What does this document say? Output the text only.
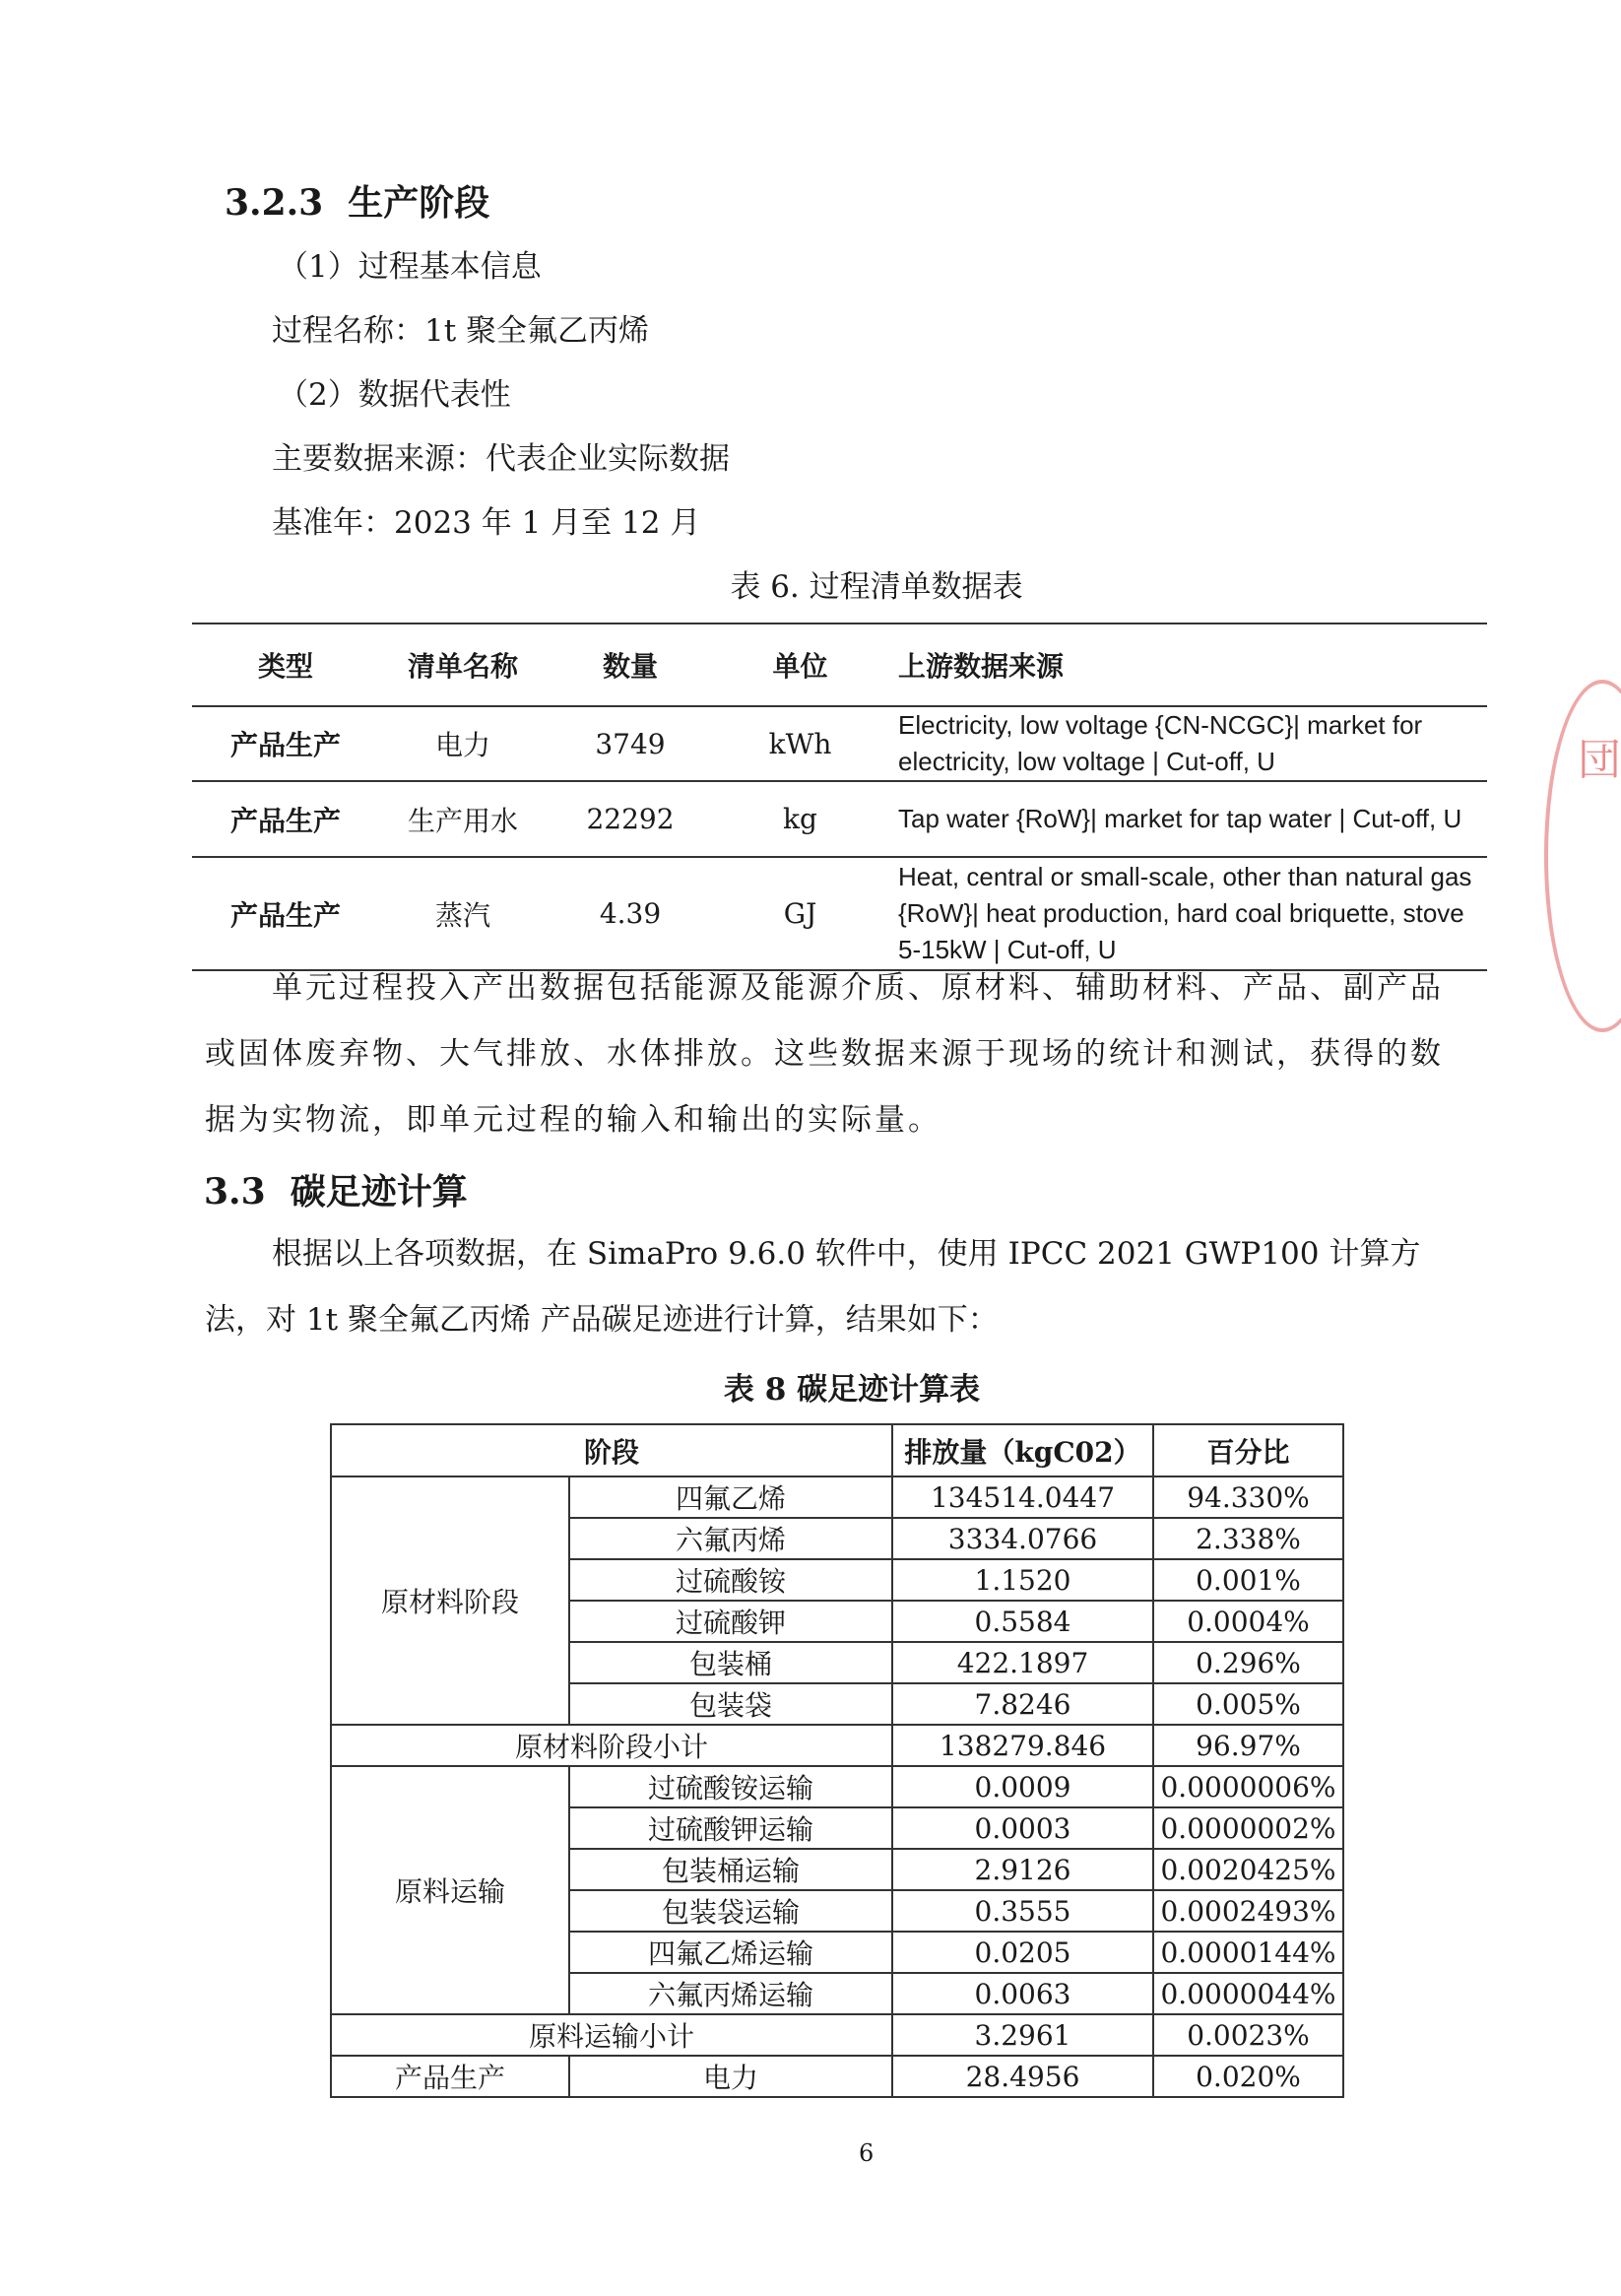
3.2.3 生产阶段
（1）过程基本信息
过程名称：1t 聚全氟乙丙烯
（2）数据代表性
主要数据来源：代表企业实际数据
基准年：2023 年 1 月至 12 月
表 6. 过程清单数据表
类型	清单名称	数量	单位	上游数据来源
产品生产	电力	3749	kWh	Electricity, low voltage {CN-NCGC}| market for electricity, low voltage | Cut-off, U
产品生产	生产用水	22292	kg	Tap water {RoW}| market for tap water | Cut-off, U
产品生产	蒸汽	4.39	GJ	Heat, central or small-scale, other than natural gas {RoW}| heat production, hard coal briquette, stove 5-15kW | Cut-off, U
单元过程投入产出数据包括能源及能源介质、原材料、辅助材料、产品、副产品或固体废弃物、大气排放、水体排放。这些数据来源于现场的统计和测试，获得的数据为实物流，即单元过程的输入和输出的实际量。
3.3 碳足迹计算
根据以上各项数据，在 SimaPro 9.6.0 软件中，使用 IPCC 2021 GWP100 计算方法，对 1t 聚全氟乙丙烯 产品碳足迹进行计算，结果如下：
表 8 碳足迹计算表
阶段		排放量（kgC02）	百分比
原材料阶段	四氟乙烯	134514.0447	94.330%
	六氟丙烯	3334.0766	2.338%
	过硫酸铵	1.1520	0.001%
	过硫酸钾	0.5584	0.0004%
	包装桶	422.1897	0.296%
	包装袋	7.8246	0.005%
原材料阶段小计		138279.846	96.97%
原料运输	过硫酸铵运输	0.0009	0.0000006%
	过硫酸钾运输	0.0003	0.0000002%
	包装桶运输	2.9126	0.0020425%
	包装袋运输	0.3555	0.0002493%
	四氟乙烯运输	0.0205	0.0000144%
	六氟丙烯运输	0.0063	0.0000044%
原料运输小计		3.2961	0.0023%
产品生产	电力	28.4956	0.020%
6
団
